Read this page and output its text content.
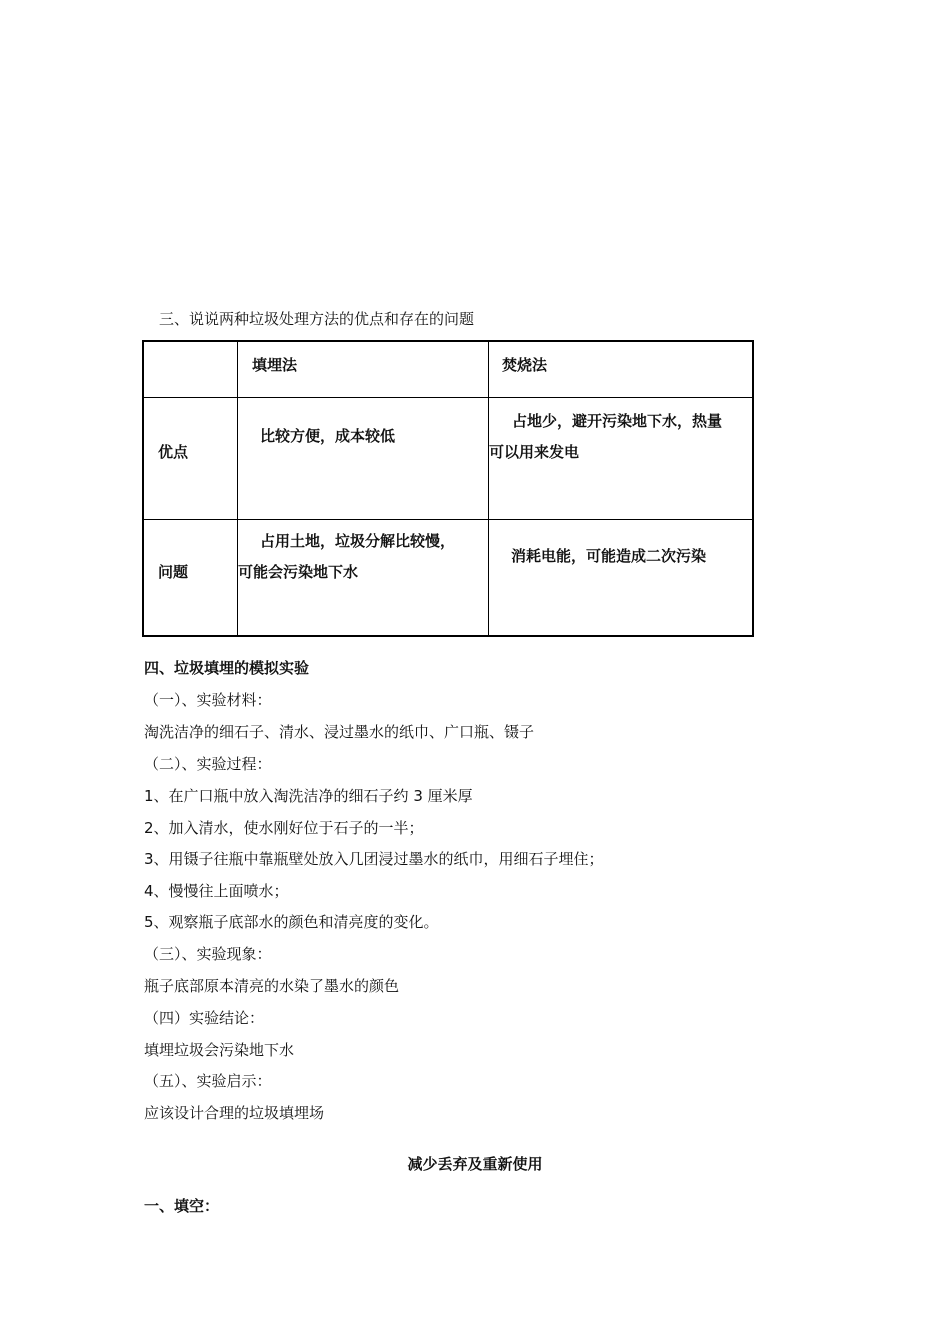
三、说说两种垃圾处理方法的优点和存在的问题
填埋法	焚烧法
优点
比较方便，成本较低
占地少，避开污染地下水，热量
可以用来发电
问题
占用土地，垃圾分解比较慢，
可能会污染地下水
消耗电能，可能造成二次污染
四、垃圾填埋的模拟实验
（一）、实验材料：
淘洗洁净的细石子、清水、浸过墨水的纸巾、广口瓶、镊子
（二）、实验过程：
1、在广口瓶中放入淘洗洁净的细石子约 3 厘米厚
2、加入清水，使水刚好位于石子的一半；
3、用镊子往瓶中靠瓶壁处放入几团浸过墨水的纸巾，用细石子埋住；
4、慢慢往上面喷水；
5、观察瓶子底部水的颜色和清亮度的变化。
（三）、实验现象：
瓶子底部原本清亮的水染了墨水的颜色
（四）实验结论：
填埋垃圾会污染地下水
（五）、实验启示：
应该设计合理的垃圾填埋场
减少丢弃及重新使用
一、填空：
